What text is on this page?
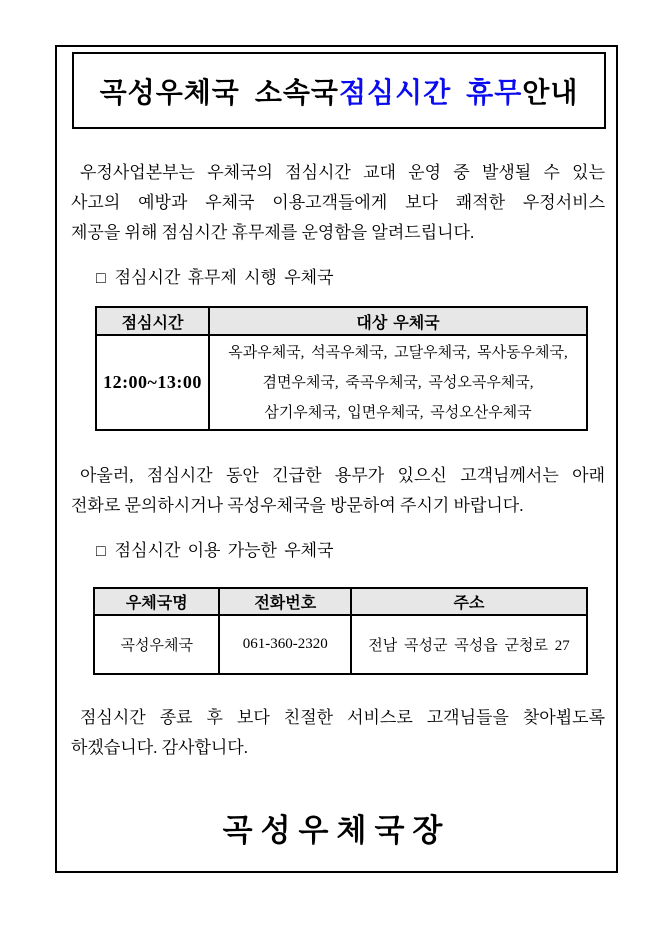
곡성우체국 소속국 점심시간 휴무 안내
우정사업본부는 우체국의 점심시간 교대 운영 중 발생될 수 있는
사고의 예방과 우체국 이용고객들에게 보다 쾌적한 우정서비스
제공을 위해 점심시간 휴무제를 운영함을 알려드립니다.
□ 점심시간 휴무제 시행 우체국
점심시간	대상 우체국
12:00~13:00	옥과우체국, 석곡우체국, 고달우체국, 목사동우체국,
겸면우체국, 죽곡우체국, 곡성오곡우체국,
삼기우체국, 입면우체국, 곡성오산우체국
아울러, 점심시간 동안 긴급한 용무가 있으신 고객님께서는 아래
전화로 문의하시거나 곡성우체국을 방문하여 주시기 바랍니다.
□ 점심시간 이용 가능한 우체국
우체국명	전화번호	주소
곡성우체국	061-360-2320	전남 곡성군 곡성읍 군청로 27
점심시간 종료 후 보다 친절한 서비스로 고객님들을 찾아뵙도록
하겠습니다. 감사합니다.
곡성우체국장
